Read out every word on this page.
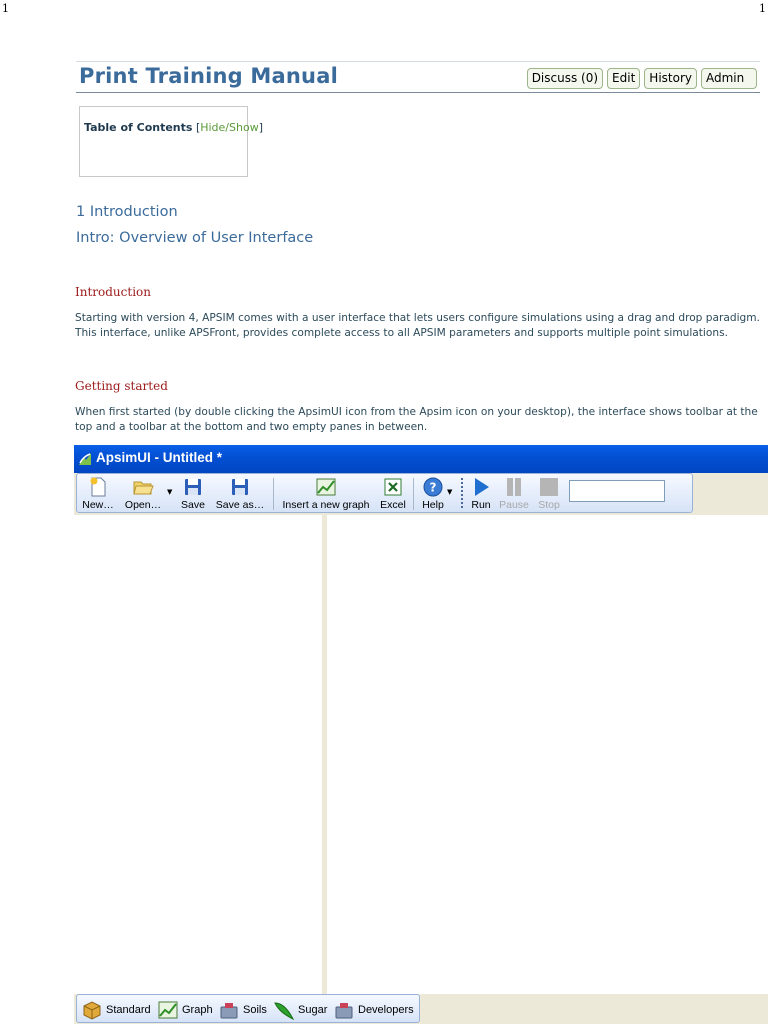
1	1
Print Training Manual	Discuss (0)	Edit	History	Admin
Table of Contents [Hide/Show]
1 Introduction
Intro: Overview of User Interface
Introduction
Starting with version 4, APSIM comes with a user interface that lets users configure simulations using a drag and drop paradigm. This interface, unlike APSFront, provides complete access to all APSIM parameters and supports multiple point simulations.
Getting started
When first started (by double clicking the ApsimUI icon from the Apsim icon on your desktop), the interface shows toolbar at the top and a toolbar at the bottom and two empty panes in between.
ApsimUI - Untitled *
New… Open…
▼
Save Save as… Insert a new graph Excel
?
Help
▼
Run Pause Stop
Standard	Graph	Soils	Sugar	Developers
